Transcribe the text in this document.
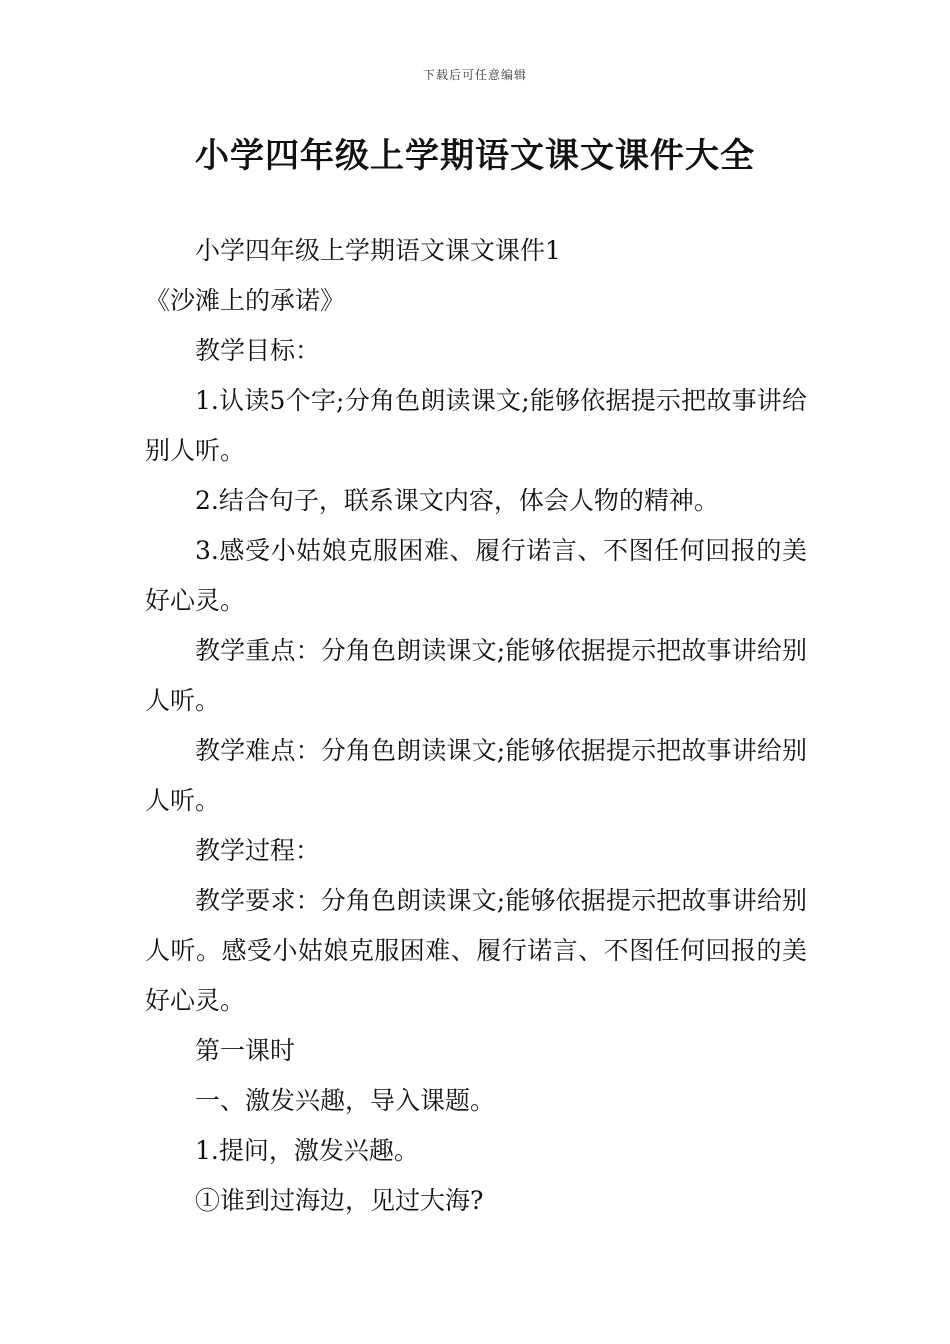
下载后可任意编辑
小学四年级上学期语文课文课件大全

小学四年级上学期语文课文课件1

《沙滩上的承诺》

教学目标：

1.认读5个字;分角色朗读课文;能够依据提示把故事讲给别人听。

2.结合句子，联系课文内容，体会人物的精神。

3.感受小姑娘克服困难、履行诺言、不图任何回报的美好心灵。

教学重点：分角色朗读课文;能够依据提示把故事讲给别人听。

教学难点：分角色朗读课文;能够依据提示把故事讲给别人听。

教学过程：

教学要求：分角色朗读课文;能够依据提示把故事讲给别人听。感受小姑娘克服困难、履行诺言、不图任何回报的美好心灵。

第一课时

一、激发兴趣，导入课题。

1.提问，激发兴趣。

①谁到过海边，见过大海?
